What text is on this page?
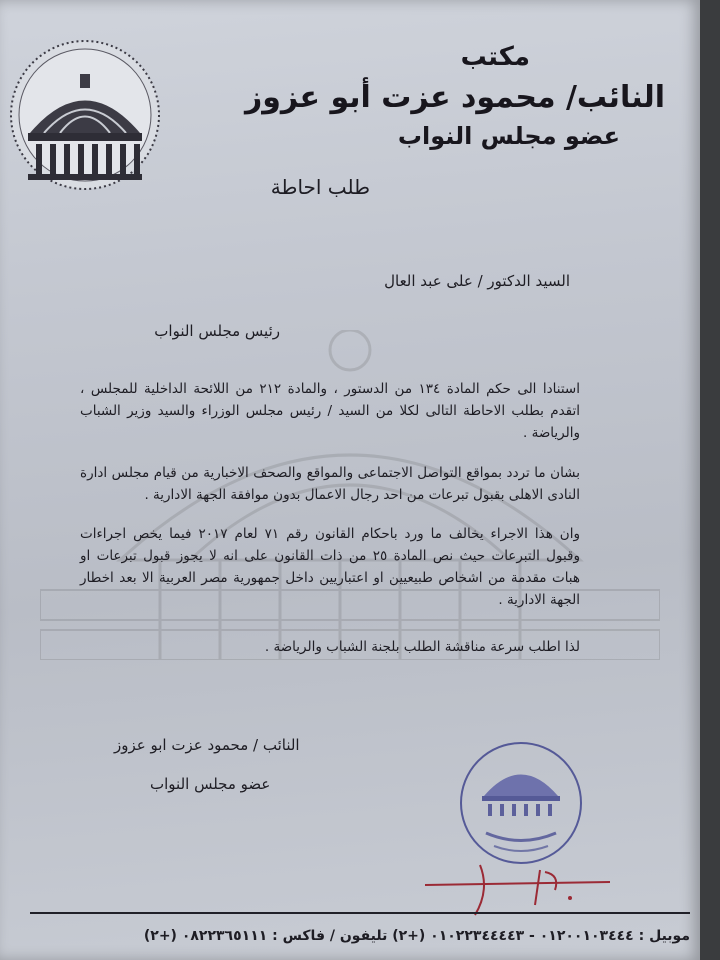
مكتب
النائب/ محمود عزت أبو عزوز
عضو مجلس النواب
طلب احاطة
السيد الدكتور / على عبد العال
رئيس مجلس النواب
استنادا الى حكم المادة ١٣٤ من الدستور ، والمادة ٢١٢ من اللائحة الداخلية للمجلس ، اتقدم بطلب الاحاطة التالى لكلا من السيد / رئيس مجلس الوزراء والسيد وزير الشباب والرياضة .
بشان ما تردد بمواقع التواصل الاجتماعى والمواقع والصحف الاخبارية من قيام مجلس ادارة النادى الاهلى بقبول تبرعات من احد رجال الاعمال بدون موافقة الجهة الادارية .
وان هذا الاجراء يخالف ما ورد باحكام القانون رقم ٧١ لعام ٢٠١٧ فيما يخص اجراءات وقبول التبرعات حيث نص المادة ٢٥ من ذات القانون على انه لا يجوز قبول تبرعات او هبات مقدمة من اشخاص طبيعيين او اعتباريين داخل جمهورية مصر العربية الا بعد اخطار الجهة الادارية .
لذا اطلب سرعة مناقشة الطلب بلجنة الشباب والرياضة .
النائب / محمود عزت ابو عزوز
عضو مجلس النواب
موبيل : ٠١٢٠٠١٠٣٤٤٤ - ٠١٠٢٢٣٤٤٤٤٣ (+٢) تليفون / فاكس : ٠٨٢٢٣٦٥١١١ (+٢)
